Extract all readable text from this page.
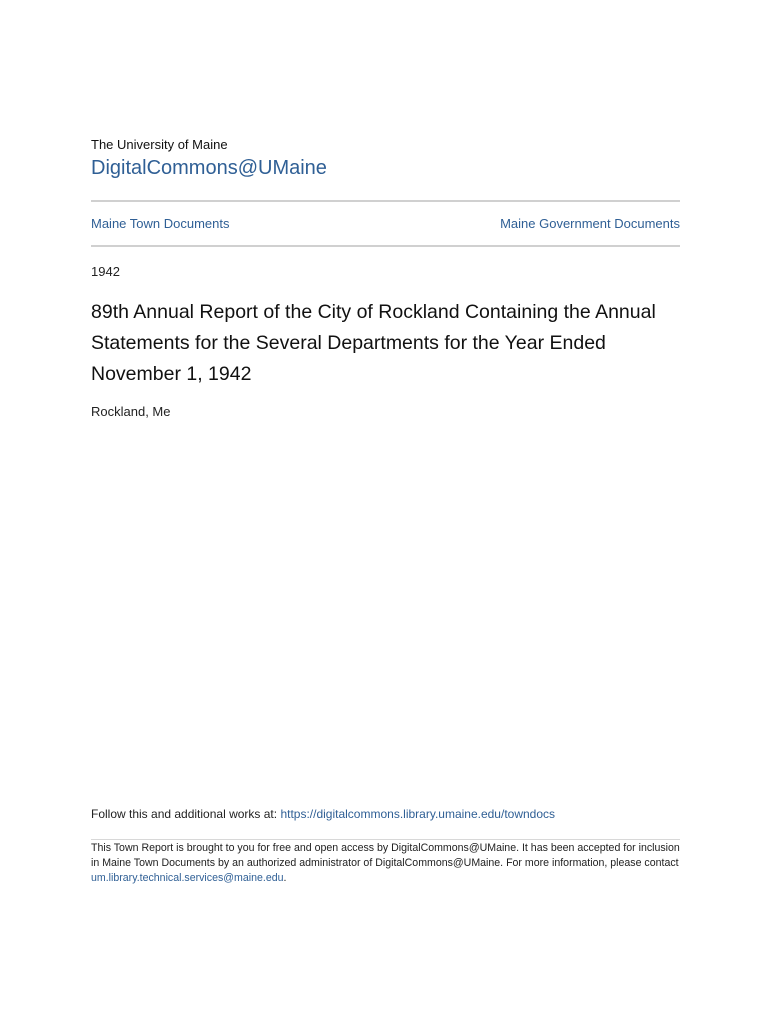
The University of Maine
DigitalCommons@UMaine
Maine Town Documents	Maine Government Documents
1942
89th Annual Report of the City of Rockland Containing the Annual Statements for the Several Departments for the Year Ended November 1, 1942
Rockland, Me
Follow this and additional works at: https://digitalcommons.library.umaine.edu/towndocs

This Town Report is brought to you for free and open access by DigitalCommons@UMaine. It has been accepted for inclusion in Maine Town Documents by an authorized administrator of DigitalCommons@UMaine. For more information, please contact um.library.technical.services@maine.edu.
